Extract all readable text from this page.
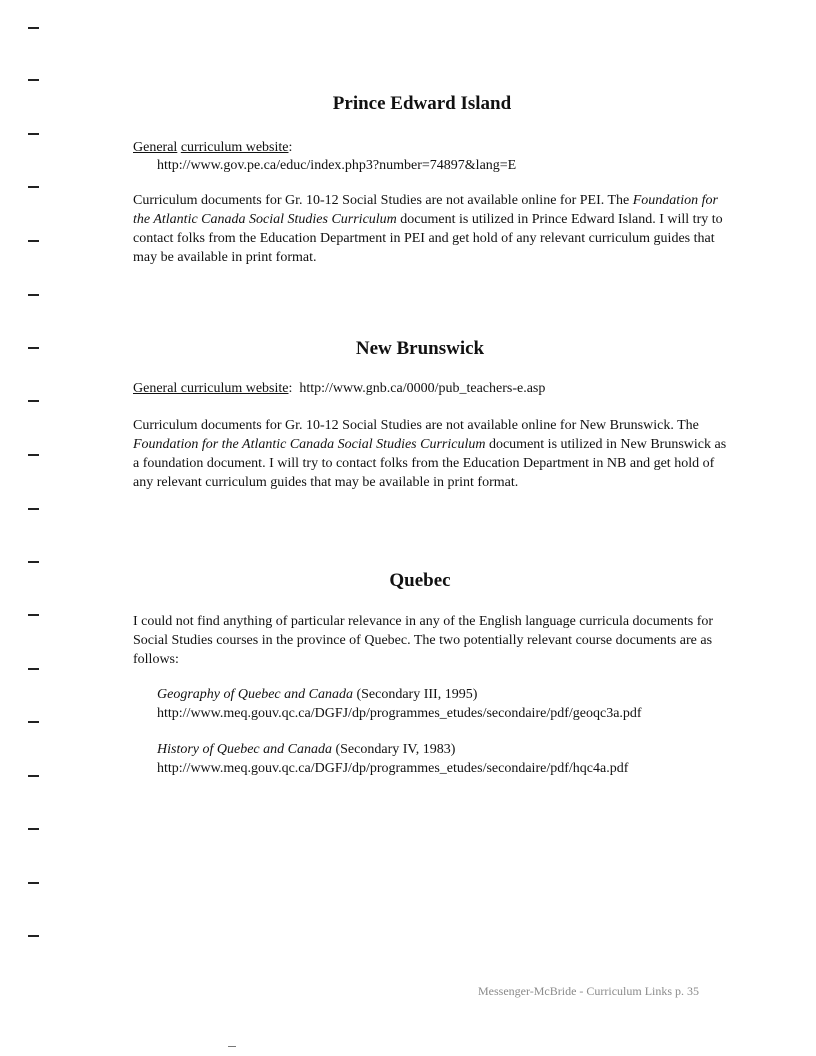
Prince Edward Island

General curriculum website:

http://www.gov.pe.ca/educ/index.php3?number=74897&lang=E

Curriculum documents for Gr. 10-12 Social Studies are not available online for PEI. The Foundation for the Atlantic Canada Social Studies Curriculum document is utilized in Prince Edward Island. I will try to contact folks from the Education Department in PEI and get hold of any relevant curriculum guides that may be available in print format.

New Brunswick

General curriculum website: http://www.gnb.ca/0000/pub_teachers-e.asp

Curriculum documents for Gr. 10-12 Social Studies are not available online for New Brunswick. The Foundation for the Atlantic Canada Social Studies Curriculum document is utilized in New Brunswick as a foundation document. I will try to contact folks from the Education Department in NB and get hold of any relevant curriculum guides that may be available in print format.

Quebec

I could not find anything of particular relevance in any of the English language curricula documents for Social Studies courses in the province of Quebec. The two potentially relevant course documents are as follows:

Geography of Quebec and Canada (Secondary III, 1995)

http://www.meq.gouv.qc.ca/DGFJ/dp/programmes_etudes/secondaire/pdf/geoqc3a.pdf

History of Quebec and Canada (Secondary IV, 1983)

http://www.meq.gouv.qc.ca/DGFJ/dp/programmes_etudes/secondaire/pdf/hqc4a.pdf

Messenger-McBride - Curriculum Links p. 35
